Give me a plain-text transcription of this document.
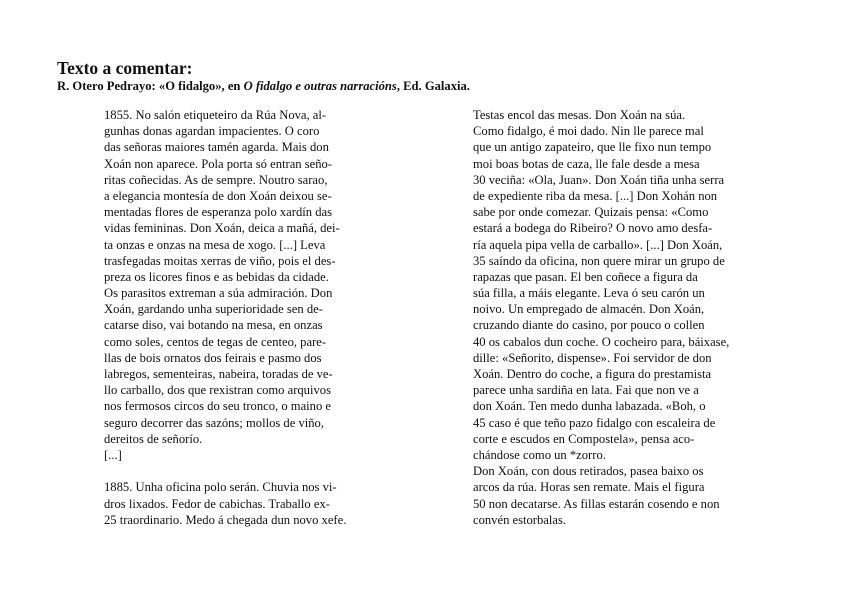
Texto a comentar:
R. Otero Pedrayo: «O fidalgo», en O fidalgo e outras narracións, Ed. Galaxia.
1855. No salón etiqueteiro da Rúa Nova, al-
gunhas donas agardan impacientes. O coro
das señoras maiores tamén agarda. Mais don
Xoán non aparece. Pola porta só entran seño-
ritas coñecidas. As de sempre. Noutro sarao,
a elegancia montesía de don Xoán deixou se-
mentadas flores de esperanza polo xardín das
vidas femininas. Don Xoán, deica a mañá, dei-
ta onzas e onzas na mesa de xogo. [...] Leva
trasfegadas moitas xerras de viño, pois el des-
preza os licores finos e as bebidas da cidade.
Os parasitos extreman a súa admiración. Don
Xoán, gardando unha superioridade sen de-
catarse diso, vai botando na mesa, en onzas
como soles, centos de tegas de centeo, pare-
llas de bois ornatos dos feirais e pasmo dos
labregos, sementeiras, nabeira, toradas de ve-
llo carballo, dos que rexistran como arquivos
nos fermosos circos do seu tronco, o maino e
seguro decorrer das sazóns; mollos de viño,
dereitos de señorío.
[...]
1885. Unha oficina polo serán. Chuvia nos vi-
dros lixados. Fedor de cabichas. Traballo ex-
25 traordinario. Medo á chegada dun novo xefe.
Testas encol das mesas. Don Xoán na súa.
Como fidalgo, é moi dado. Nin lle parece mal
que un antigo zapateiro, que lle fixo nun tempo
moi boas botas de caza, lle fale desde a mesa
30 veciña: «Ola, Juan». Don Xoán tiña unha serra
de expediente riba da mesa. [...] Don Xohán non
sabe por onde comezar. Quizais pensa: «Como
estará a bodega do Ribeiro? O novo amo desfa-
ría aquela pipa vella de carballo». [...] Don Xoán,
35 saíndo da oficina, non quere mirar un grupo de
rapazas que pasan. El ben coñece a figura da
súa filla, a máis elegante. Leva ó seu carón un
noivo. Un empregado de almacén. Don Xoán,
cruzando diante do casino, por pouco o collen
40 os cabalos dun coche. O cocheiro para, báixase,
dille: «Señorito, dispense». Foi servidor de don
Xoán. Dentro do coche, a figura do prestamista
parece unha sardiña en lata. Fai que non ve a
don Xoán. Ten medo dunha labazada. «Boh, o
45 caso é que teño pazo fidalgo con escaleira de
corte e escudos en Compostela», pensa aco-
chándose como un *zorro.
Don Xoán, con dous retirados, pasea baixo os
arcos da rúa. Horas sen remate. Mais el figura
50 non decatarse. As fillas estarán cosendo e non
convén estorbalas.
